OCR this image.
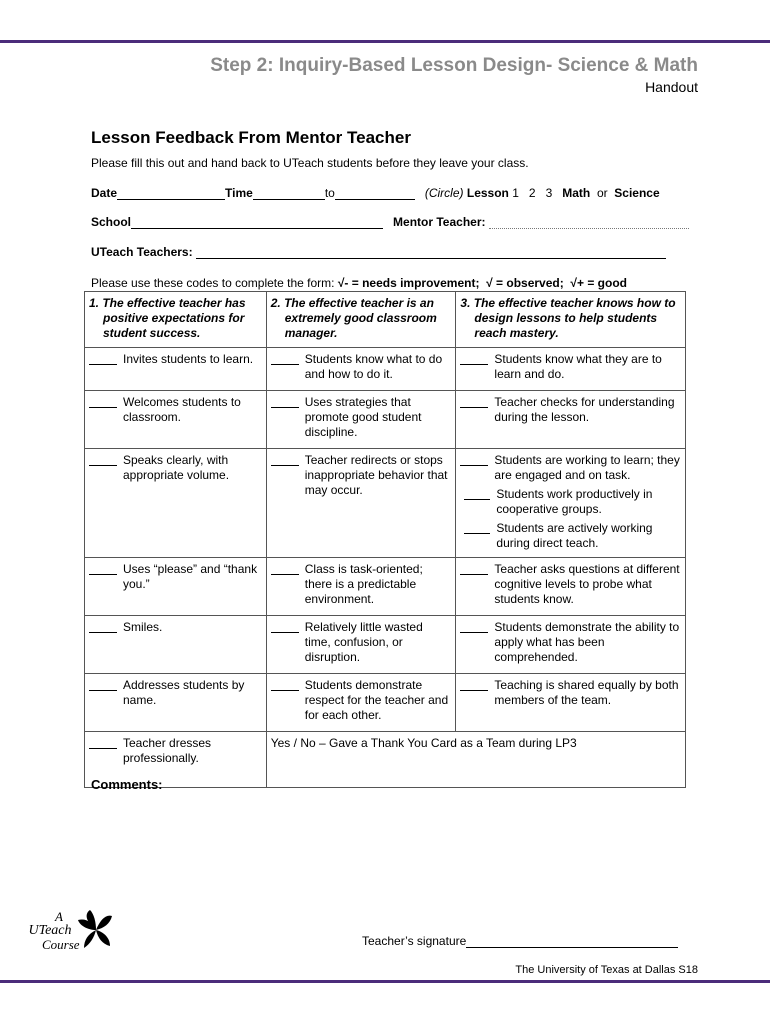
Step 2: Inquiry-Based Lesson Design- Science & Math
Handout
Lesson Feedback From Mentor Teacher
Please fill this out and hand back to UTeach students before they leave your class.
Date	Time	to	(Circle) Lesson 1   2   3 Math or Science
School	Mentor Teacher:
UTeach Teachers:
Please use these codes to complete the form: √- = needs improvement; √ = observed; √+ = good
1. The effective teacher has positive expectations for student success.	2. The effective teacher is an extremely good classroom manager.	3. The effective teacher knows how to design lessons to help students reach mastery.

Invites students to learn.	Students know what to do and how to do it.	Students know what they are to learn and do.

Welcomes students to classroom.	Uses strategies that promote good student discipline.	Teacher checks for understanding during the lesson.

Speaks clearly, with appropriate volume.	Teacher redirects or stops inappropriate behavior that may occur.	Students are working to learn; they are engaged and on task.
Students work productively in cooperative groups.
Students are actively working during direct teach.

Uses “please” and “thank you.”	Class is task-oriented; there is a predictable environment.	Teacher asks questions at different cognitive levels to probe what students know.

Smiles.	Relatively little wasted time, confusion, or disruption.	Students demonstrate the ability to apply what has been comprehended.

Addresses students by name.	Students demonstrate respect for the teacher and for each other.	Teaching is shared equally by both members of the team.

Teacher dresses professionally.	Yes / No – Gave a Thank You Card as a Team during LP3	
Comments:
A
UTeach
Course	Teacher’s signature
The University of Texas at Dallas S18
